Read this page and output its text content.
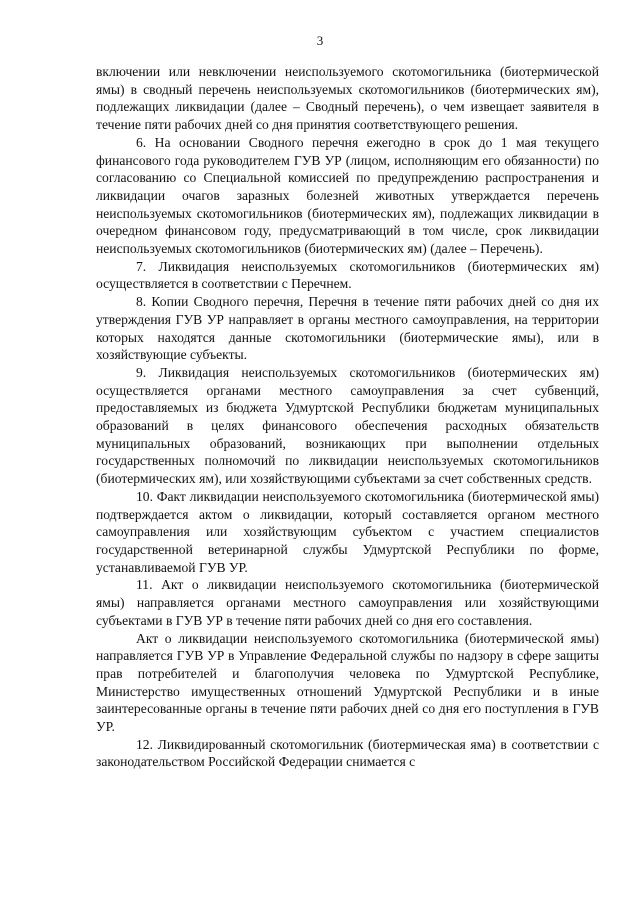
3

включении или невключении неиспользуемого скотомогильника (биотермической ямы) в сводный перечень неиспользуемых скотомогильников (биотермических ям), подлежащих ликвидации (далее – Сводный перечень), о чем извещает заявителя в течение пяти рабочих дней со дня принятия соответствующего решения.

6. На основании Сводного перечня ежегодно в срок до 1 мая текущего финансового года руководителем ГУВ УР (лицом, исполняющим его обязанности) по согласованию со Специальной комиссией по предупреждению распространения и ликвидации очагов заразных болезней животных утверждается перечень неиспользуемых скотомогильников (биотермических ям), подлежащих ликвидации в очередном финансовом году, предусматривающий в том числе, срок ликвидации неиспользуемых скотомогильников (биотермических ям) (далее – Перечень).

7. Ликвидация неиспользуемых скотомогильников (биотермических ям) осуществляется в соответствии с Перечнем.

8. Копии Сводного перечня, Перечня в течение пяти рабочих дней со дня их утверждения ГУВ УР направляет в органы местного самоуправления, на территории которых находятся данные скотомогильники (биотермические ямы), или в хозяйствующие субъекты.

9. Ликвидация неиспользуемых скотомогильников (биотермических ям) осуществляется органами местного самоуправления за счет субвенций, предоставляемых из бюджета Удмуртской Республики бюджетам муниципальных образований в целях финансового обеспечения расходных обязательств муниципальных образований, возникающих при выполнении отдельных государственных полномочий по ликвидации неиспользуемых скотомогильников (биотермических ям), или хозяйствующими субъектами за счет собственных средств.

10. Факт ликвидации неиспользуемого скотомогильника (биотермической ямы) подтверждается актом о ликвидации, который составляется органом местного самоуправления или хозяйствующим субъектом с участием специалистов государственной ветеринарной службы Удмуртской Республики по форме, устанавливаемой ГУВ УР.

11. Акт о ликвидации неиспользуемого скотомогильника (биотермической ямы) направляется органами местного самоуправления или хозяйствующими субъектами в ГУВ УР в течение пяти рабочих дней со дня его составления.

Акт о ликвидации неиспользуемого скотомогильника (биотермической ямы) направляется ГУВ УР в Управление Федеральной службы по надзору в сфере защиты прав потребителей и благополучия человека по Удмуртской Республике, Министерство имущественных отношений Удмуртской Республики и в иные заинтересованные органы в течение пяти рабочих дней со дня его поступления в ГУВ УР.

12. Ликвидированный скотомогильник (биотермическая яма) в соответствии с законодательством Российской Федерации снимается с
